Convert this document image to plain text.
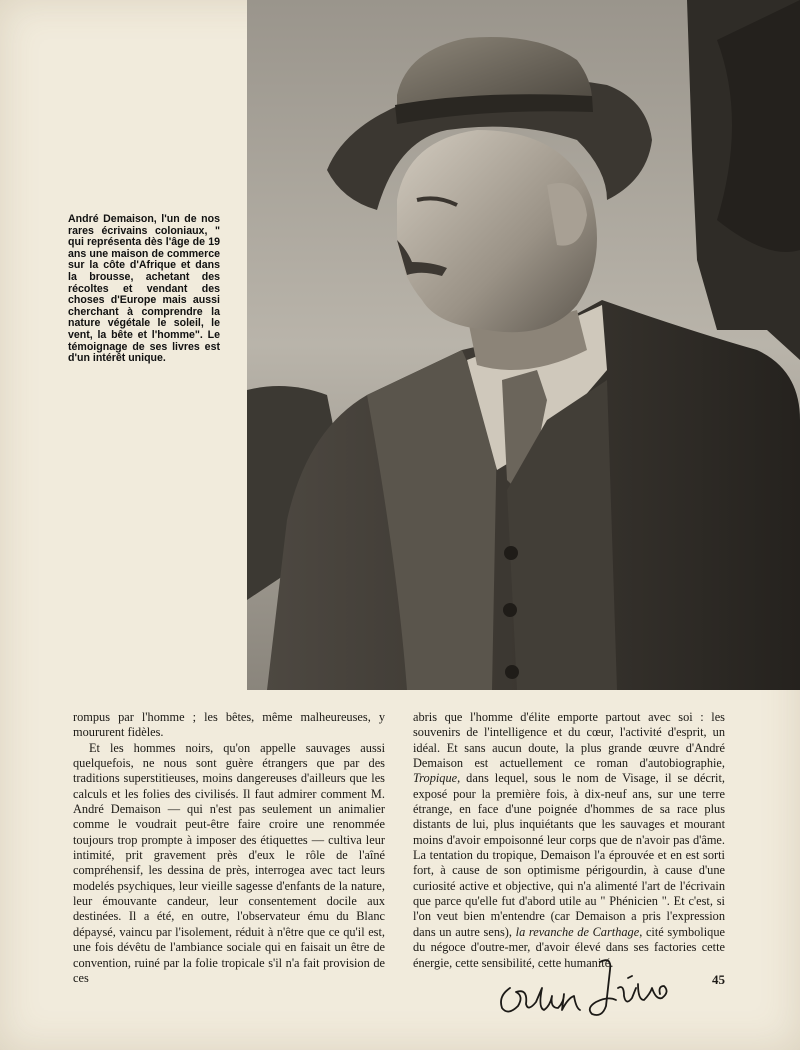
André Demaison, l'un de nos rares écrivains coloniaux, " qui représenta dès l'âge de 19 ans une maison de commerce sur la côte d'Afrique et dans la brousse, achetant des récoltes et vendant des choses d'Europe mais aussi cherchant à comprendre la nature végétale le soleil, le vent, la bête et l'homme". Le témoignage de ses livres est d'un intérêt unique.

rompus par l'homme ; les bêtes, même malheureuses, y moururent fidèles.

Et les hommes noirs, qu'on appelle sauvages aussi quelquefois, ne nous sont guère étrangers que par des traditions superstitieuses, moins dangereuses d'ailleurs que les calculs et les folies des civilisés. Il faut admirer comment M. André Demaison — qui n'est pas seulement un animalier comme le voudrait peut-être faire croire une renommée toujours trop prompte à imposer des étiquettes — cultiva leur intimité, prit gravement près d'eux le rôle de l'aîné compréhensif, les dessina de près, interrogea avec tact leurs modelés psychiques, leur vieille sagesse d'enfants de la nature, leur émouvante candeur, leur consentement docile aux destinées. Il a été, en outre, l'observateur ému du Blanc dépaysé, vaincu par l'isolement, réduit à n'être que ce qu'il est, une fois dévêtu de l'ambiance sociale qui en faisait un être de convention, ruiné par la folie tropicale s'il n'a fait provision de ces

abris que l'homme d'élite emporte partout avec soi : les souvenirs de l'intelligence et du cœur, l'activité d'esprit, un idéal. Et sans aucun doute, la plus grande œuvre d'André Demaison est actuellement ce roman d'autobiographie, Tropique, dans lequel, sous le nom de Visage, il se décrit, exposé pour la première fois, à dix-neuf ans, sur une terre étrange, en face d'une poignée d'hommes de sa race plus distants de lui, plus inquiétants que les sauvages et mourant moins d'avoir empoisonné leur corps que de n'avoir pas d'âme. La tentation du tropique, Demaison l'a éprouvée et en est sorti fort, à cause de son optimisme périgourdin, à cause d'une curiosité active et objective, qui n'a alimenté l'art de l'écrivain que parce qu'elle fut d'abord utile au " Phénicien ". Et c'est, si l'on veut bien m'entendre (car Demaison a pris l'expression dans un autre sens), la revanche de Carthage, cité symbolique du négoce d'outre-mer, d'avoir élevé dans ses factories cette énergie, cette sensibilité, cette humanité.

45
